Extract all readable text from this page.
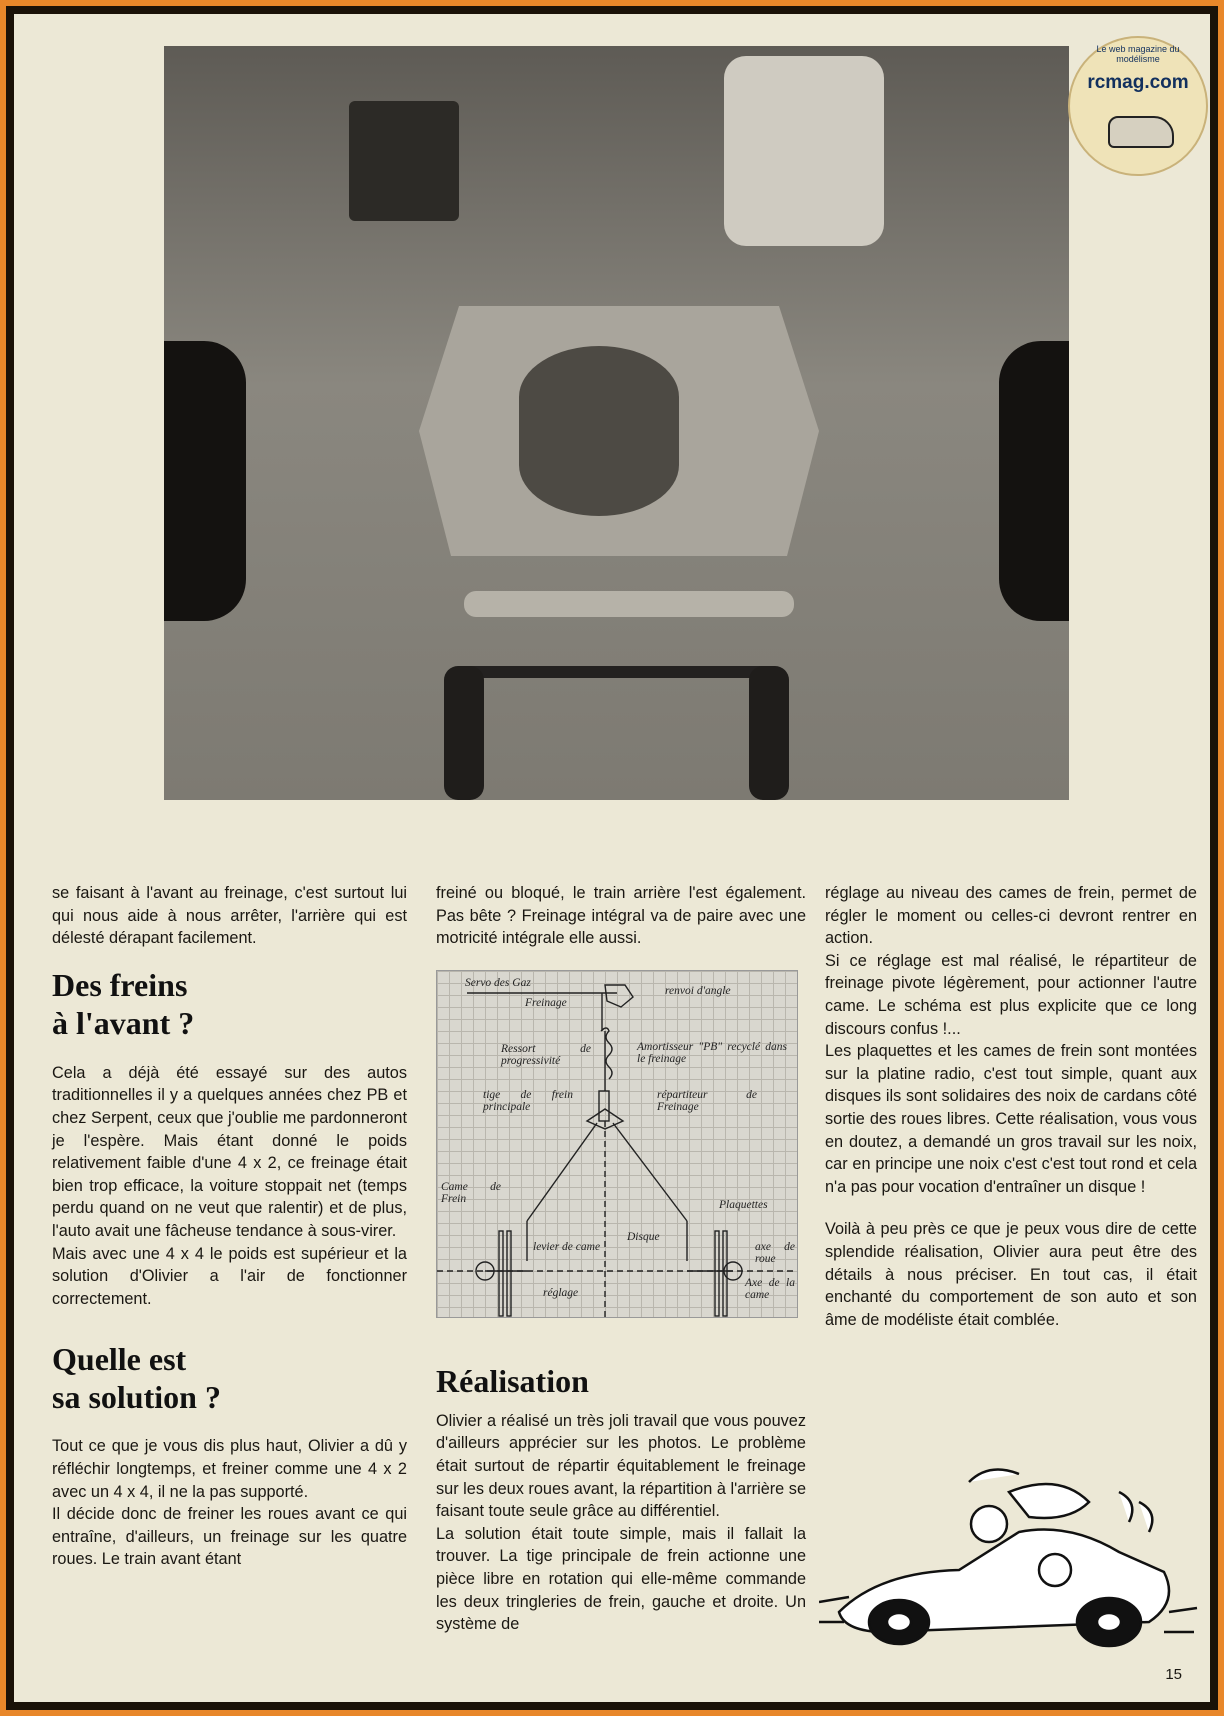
Le web magazine du modélisme
rcmag.com

se faisant à l'avant au freinage, c'est surtout lui qui nous aide à nous arrêter, l'arrière qui est délesté dérapant facilement.

Des freins
à l'avant ?

Cela a déjà été essayé sur des autos traditionnelles il y a quelques années chez PB et chez Serpent, ceux que j'oublie me pardonneront je l'espère. Mais étant donné le poids relativement faible d'une 4 x 2, ce freinage était bien trop efficace, la voiture stoppait net (temps perdu quand on ne veut que ralentir) et de plus, l'auto avait une fâcheuse tendance à sous-virer.

Mais avec une 4 x 4 le poids est supérieur et la solution d'Olivier a l'air de fonctionner correctement.

Quelle est
sa solution ?

Tout ce que je vous dis plus haut, Olivier a dû y réfléchir longtemps, et freiner comme une 4 x 2 avec un 4 x 4, il ne la pas supporté.

Il décide donc de freiner les roues avant ce qui entraîne, d'ailleurs, un freinage sur les quatre roues. Le train avant étant

freiné ou bloqué, le train arrière l'est également. Pas bête ? Freinage intégral va de paire avec une motricité intégrale elle aussi.

Servo des Gaz
Freinage
renvoi d'angle
Ressort de progressivité
Amortisseur "PB" recyclé dans le freinage
tige de frein principale
répartiteur de Freinage
Came de Frein	Plaquettes
levier de came
Disque
axe de roue
Axe de la came
réglage
Réalisation

Olivier a réalisé un très joli travail que vous pouvez d'ailleurs apprécier sur les photos. Le problème était surtout de répartir équitablement le freinage sur les deux roues avant, la répartition à l'arrière se faisant toute seule grâce au différentiel.

La solution était toute simple, mais il fallait la trouver. La tige principale de frein actionne une pièce libre en rotation qui elle-même commande les deux tringleries de frein, gauche et droite. Un système de

réglage au niveau des cames de frein, permet de régler le moment ou celles-ci devront rentrer en action.

Si ce réglage est mal réalisé, le répartiteur de freinage pivote légèrement, pour actionner l'autre came. Le schéma est plus explicite que ce long discours confus !...

Les plaquettes et les cames de frein sont montées sur la platine radio, c'est tout simple, quant aux disques ils sont solidaires des noix de cardans côté sortie des roues libres. Cette réalisation, vous vous en doutez, a demandé un gros travail sur les noix, car en principe une noix c'est c'est tout rond et cela n'a pas pour vocation d'entraîner un disque !

Voilà à peu près ce que je peux vous dire de cette splendide réalisation, Olivier aura peut être des détails à nous préciser. En tout cas, il était enchanté du comportement de son auto et son âme de modéliste était comblée.

15
